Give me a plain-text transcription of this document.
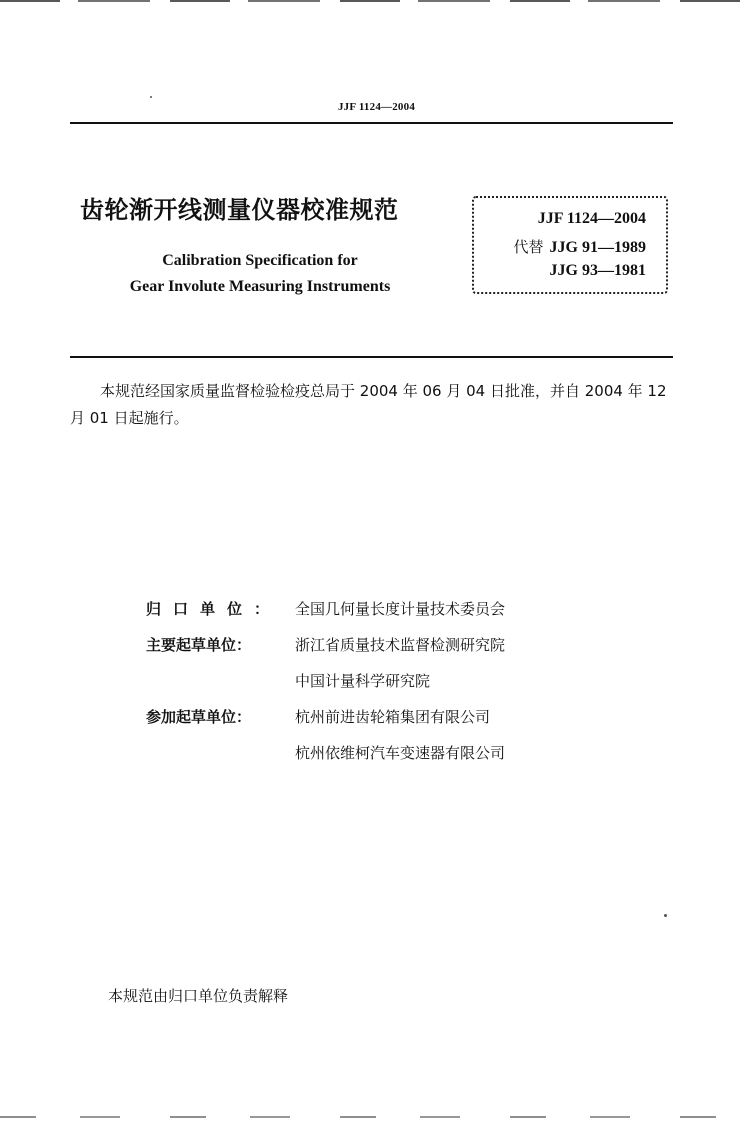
JJF 1124—2004
齿轮渐开线测量仪器校准规范
Calibration Specification for
Gear Involute Measuring Instruments
JJF 1124—2004
代替 JJG 91—1989
JJG 93—1981
本规范经国家质量监督检验检疫总局于 2004 年 06 月 04 日批准，并自 2004 年 12 月 01 日起施行。
归口单位： 全国几何量长度计量技术委员会
主要起草单位：	浙江省质量技术监督检测研究院
中国计量科学研究院
参加起草单位：	杭州前进齿轮箱集团有限公司
杭州依维柯汽车变速器有限公司
本规范由归口单位负责解释
